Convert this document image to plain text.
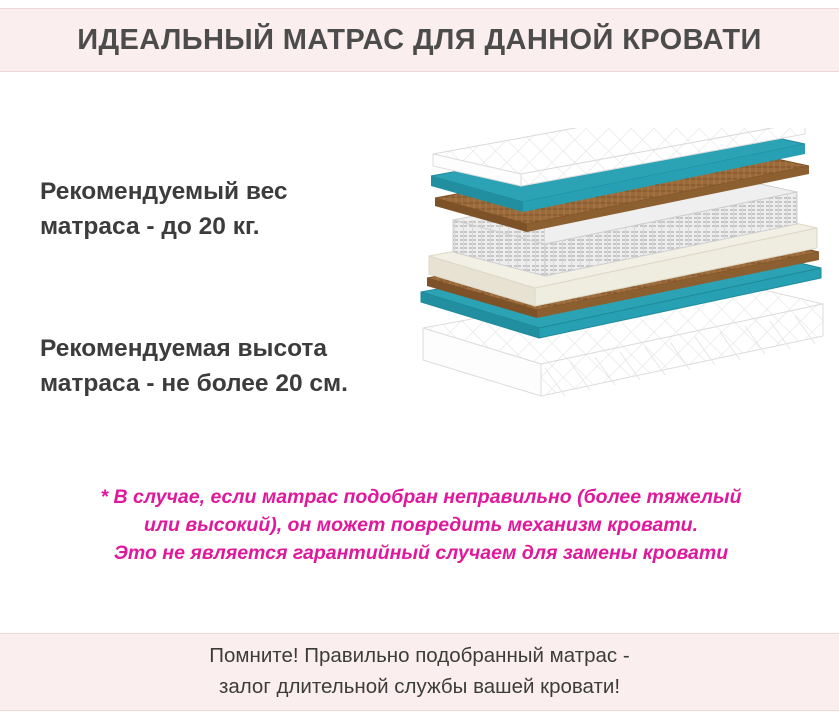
ИДЕАЛЬНЫЙ МАТРАС ДЛЯ ДАННОЙ КРОВАТИ
Рекомендуемый вес
матраса - до 20 кг.
Рекомендуемая высота
матраса - не более 20 см.
* В случае, если матрас подобран неправильно (более тяжелый
или высокий), он может повредить механизм кровати.
Это не является гарантийный случаем для замены кровати
Помните! Правильно подобранный матрас -
залог длительной службы вашей кровати!
